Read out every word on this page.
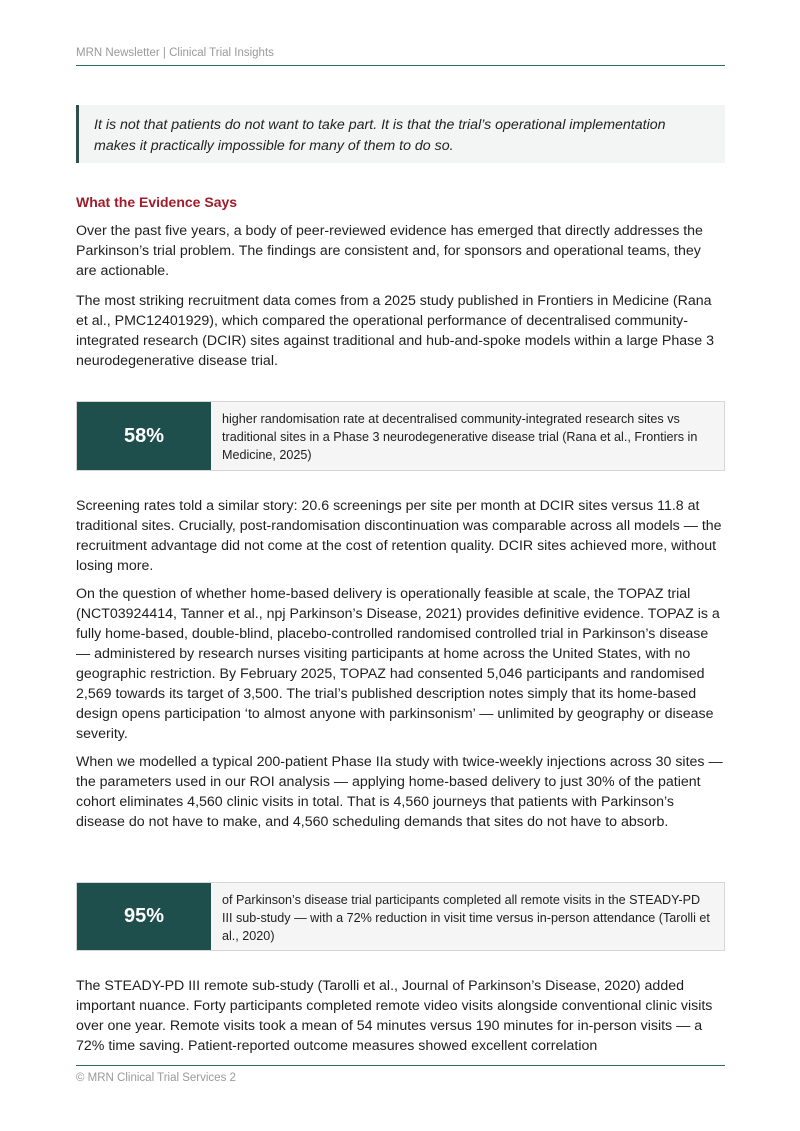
MRN Newsletter | Clinical Trial Insights
It is not that patients do not want to take part. It is that the trial’s operational implementation makes it practically impossible for many of them to do so.
What the Evidence Says

Over the past five years, a body of peer-reviewed evidence has emerged that directly addresses the Parkinson’s trial problem. The findings are consistent and, for sponsors and operational teams, they are actionable.

The most striking recruitment data comes from a 2025 study published in Frontiers in Medicine (Rana et al., PMC12401929), which compared the operational performance of decentralised community-integrated research (DCIR) sites against traditional and hub-and-spoke models within a large Phase 3 neurodegenerative disease trial.

58%
higher randomisation rate at decentralised community-integrated research sites vs traditional sites in a Phase 3 neurodegenerative disease trial (Rana et al., Frontiers in Medicine, 2025)

Screening rates told a similar story: 20.6 screenings per site per month at DCIR sites versus 11.8 at traditional sites. Crucially, post-randomisation discontinuation was comparable across all models — the recruitment advantage did not come at the cost of retention quality. DCIR sites achieved more, without losing more.

On the question of whether home-based delivery is operationally feasible at scale, the TOPAZ trial (NCT03924414, Tanner et al., npj Parkinson’s Disease, 2021) provides definitive evidence. TOPAZ is a fully home-based, double-blind, placebo-controlled randomised controlled trial in Parkinson’s disease — administered by research nurses visiting participants at home across the United States, with no geographic restriction. By February 2025, TOPAZ had consented 5,046 participants and randomised 2,569 towards its target of 3,500. The trial’s published description notes simply that its home-based design opens participation ‘to almost anyone with parkinsonism’ — unlimited by geography or disease severity.

When we modelled a typical 200-patient Phase IIa study with twice-weekly injections across 30 sites — the parameters used in our ROI analysis — applying home-based delivery to just 30% of the patient cohort eliminates 4,560 clinic visits in total. That is 4,560 journeys that patients with Parkinson’s disease do not have to make, and 4,560 scheduling demands that sites do not have to absorb.

95%
of Parkinson’s disease trial participants completed all remote visits in the STEADY-PD III sub-study — with a 72% reduction in visit time versus in-person attendance (Tarolli et al., 2020)

The STEADY-PD III remote sub-study (Tarolli et al., Journal of Parkinson’s Disease, 2020) added important nuance. Forty participants completed remote video visits alongside conventional clinic visits over one year. Remote visits took a mean of 54 minutes versus 190 minutes for in-person visits — a 72% time saving. Patient-reported outcome measures showed excellent correlation

© MRN Clinical Trial Services 2
